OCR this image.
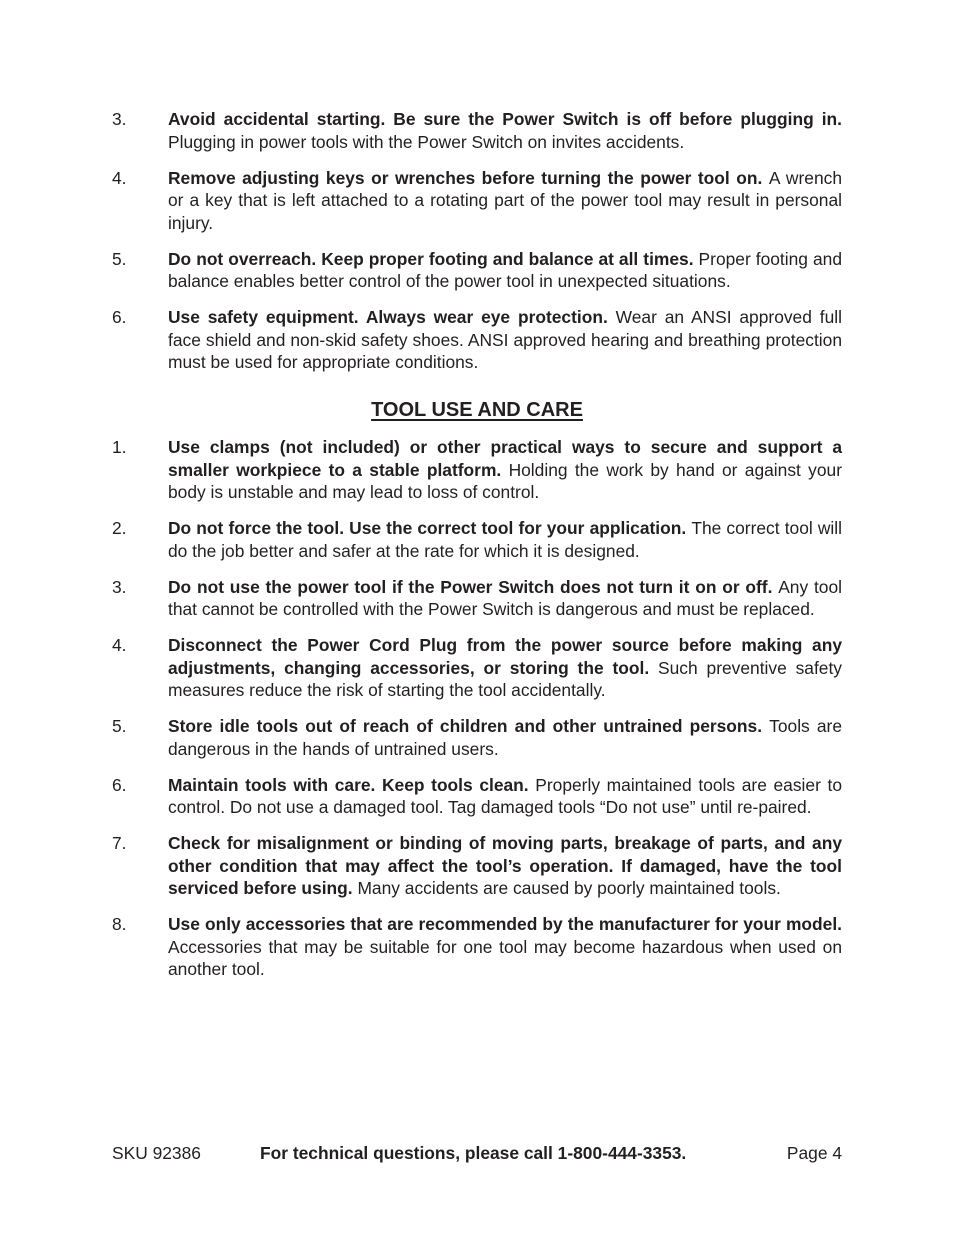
3. Avoid accidental starting. Be sure the Power Switch is off before plugging in. Plugging in power tools with the Power Switch on invites accidents.
4. Remove adjusting keys or wrenches before turning the power tool on. A wrench or a key that is left attached to a rotating part of the power tool may result in personal injury.
5. Do not overreach. Keep proper footing and balance at all times. Proper footing and balance enables better control of the power tool in unexpected situations.
6. Use safety equipment. Always wear eye protection. Wear an ANSI approved full face shield and non-skid safety shoes. ANSI approved hearing and breathing protection must be used for appropriate conditions.
TOOL USE AND CARE
1. Use clamps (not included) or other practical ways to secure and support a smaller workpiece to a stable platform. Holding the work by hand or against your body is unstable and may lead to loss of control.
2. Do not force the tool. Use the correct tool for your application. The correct tool will do the job better and safer at the rate for which it is designed.
3. Do not use the power tool if the Power Switch does not turn it on or off. Any tool that cannot be controlled with the Power Switch is dangerous and must be replaced.
4. Disconnect the Power Cord Plug from the power source before making any adjustments, changing accessories, or storing the tool. Such preventive safety measures reduce the risk of starting the tool accidentally.
5. Store idle tools out of reach of children and other untrained persons. Tools are dangerous in the hands of untrained users.
6. Maintain tools with care. Keep tools clean. Properly maintained tools are easier to control. Do not use a damaged tool. Tag damaged tools “Do not use” until re-paired.
7. Check for misalignment or binding of moving parts, breakage of parts, and any other condition that may affect the tool’s operation. If damaged, have the tool serviced before using. Many accidents are caused by poorly maintained tools.
8. Use only accessories that are recommended by the manufacturer for your model. Accessories that may be suitable for one tool may become hazardous when used on another tool.
SKU 92386	For technical questions, please call 1-800-444-3353.	Page 4
